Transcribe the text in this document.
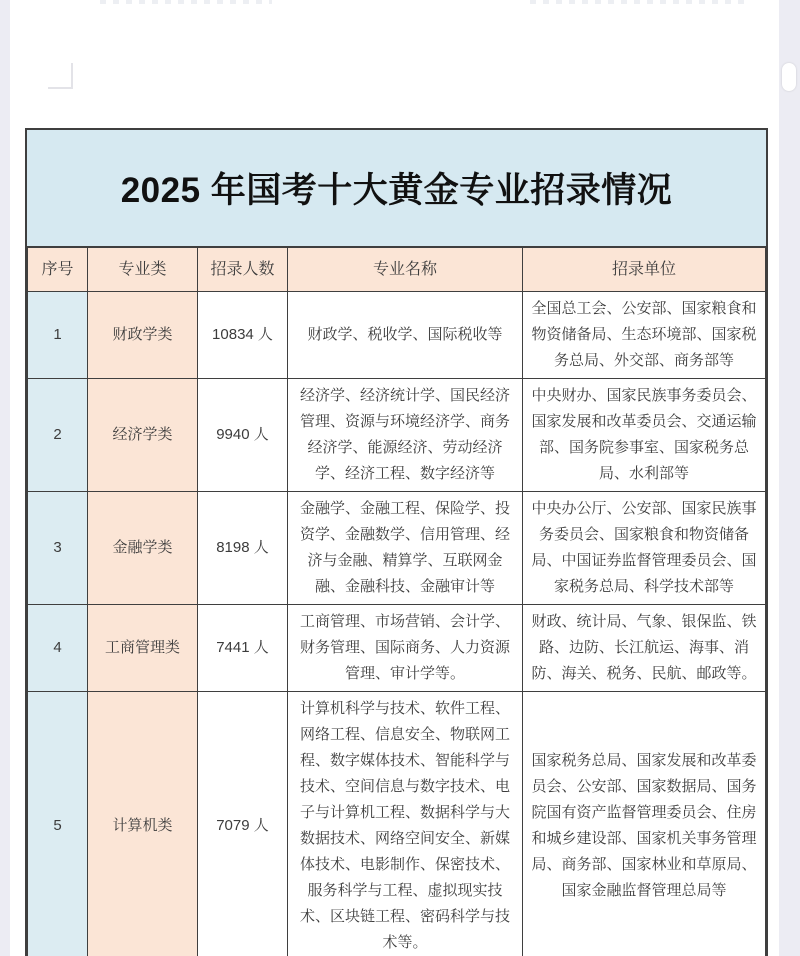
2025 年国考十大黄金专业招录情况
序号	专业类	招录人数	专业名称	招录单位
1	财政学类	10834 人	财政学、税收学、国际税收等	全国总工会、公安部、国家粮食和物资储备局、生态环境部、国家税务总局、外交部、商务部等
2	经济学类	9940 人	经济学、经济统计学、国民经济管理、资源与环境经济学、商务经济学、能源经济、劳动经济学、经济工程、数字经济等	中央财办、国家民族事务委员会、国家发展和改革委员会、交通运输部、国务院参事室、国家税务总局、水利部等
3	金融学类	8198 人	金融学、金融工程、保险学、投资学、金融数学、信用管理、经济与金融、精算学、互联网金融、金融科技、金融审计等	中央办公厅、公安部、国家民族事务委员会、国家粮食和物资储备局、中国证券监督管理委员会、国家税务总局、科学技术部等
4	工商管理类	7441 人	工商管理、市场营销、会计学、财务管理、国际商务、人力资源管理、审计学等。	财政、统计局、气象、银保监、铁路、边防、长江航运、海事、消防、海关、税务、民航、邮政等。
5	计算机类	7079 人	计算机科学与技术、软件工程、网络工程、信息安全、物联网工程、数字媒体技术、智能科学与技术、空间信息与数字技术、电子与计算机工程、数据科学与大数据技术、网络空间安全、新媒体技术、电影制作、保密技术、服务科学与工程、虚拟现实技术、区块链工程、密码科学与技术等。	国家税务总局、国家发展和改革委员会、公安部、国家数据局、国务院国有资产监督管理委员会、住房和城乡建设部、国家机关事务管理局、商务部、国家林业和草原局、国家金融监督管理总局等
